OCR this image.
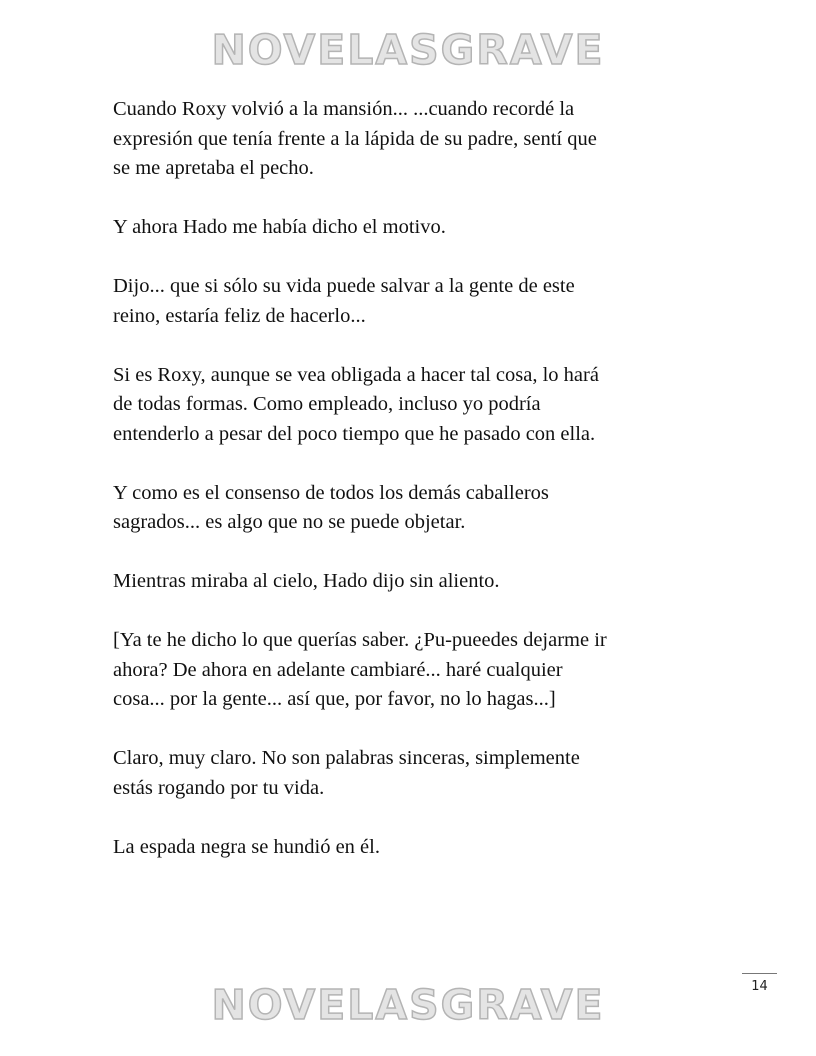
NOVELASGRAVE

Cuando Roxy volvió a la mansión... ...cuando recordé la
expresión que tenía frente a la lápida de su padre, sentí que
se me apretaba el pecho.

Y ahora Hado me había dicho el motivo.

Dijo... que si sólo su vida puede salvar a la gente de este
reino, estaría feliz de hacerlo...

Si es Roxy, aunque se vea obligada a hacer tal cosa, lo hará
de todas formas. Como empleado, incluso yo podría
entenderlo a pesar del poco tiempo que he pasado con ella.

Y como es el consenso de todos los demás caballeros
sagrados... es algo que no se puede objetar.

Mientras miraba al cielo, Hado dijo sin aliento.

[Ya te he dicho lo que querías saber. ¿Pu-pueedes dejarme ir
ahora? De ahora en adelante cambiaré... haré cualquier
cosa... por la gente... así que, por favor, no lo hagas...]

Claro, muy claro. No son palabras sinceras, simplemente
estás rogando por tu vida.

La espada negra se hundió en él.

14
NOVELASGRAVE
